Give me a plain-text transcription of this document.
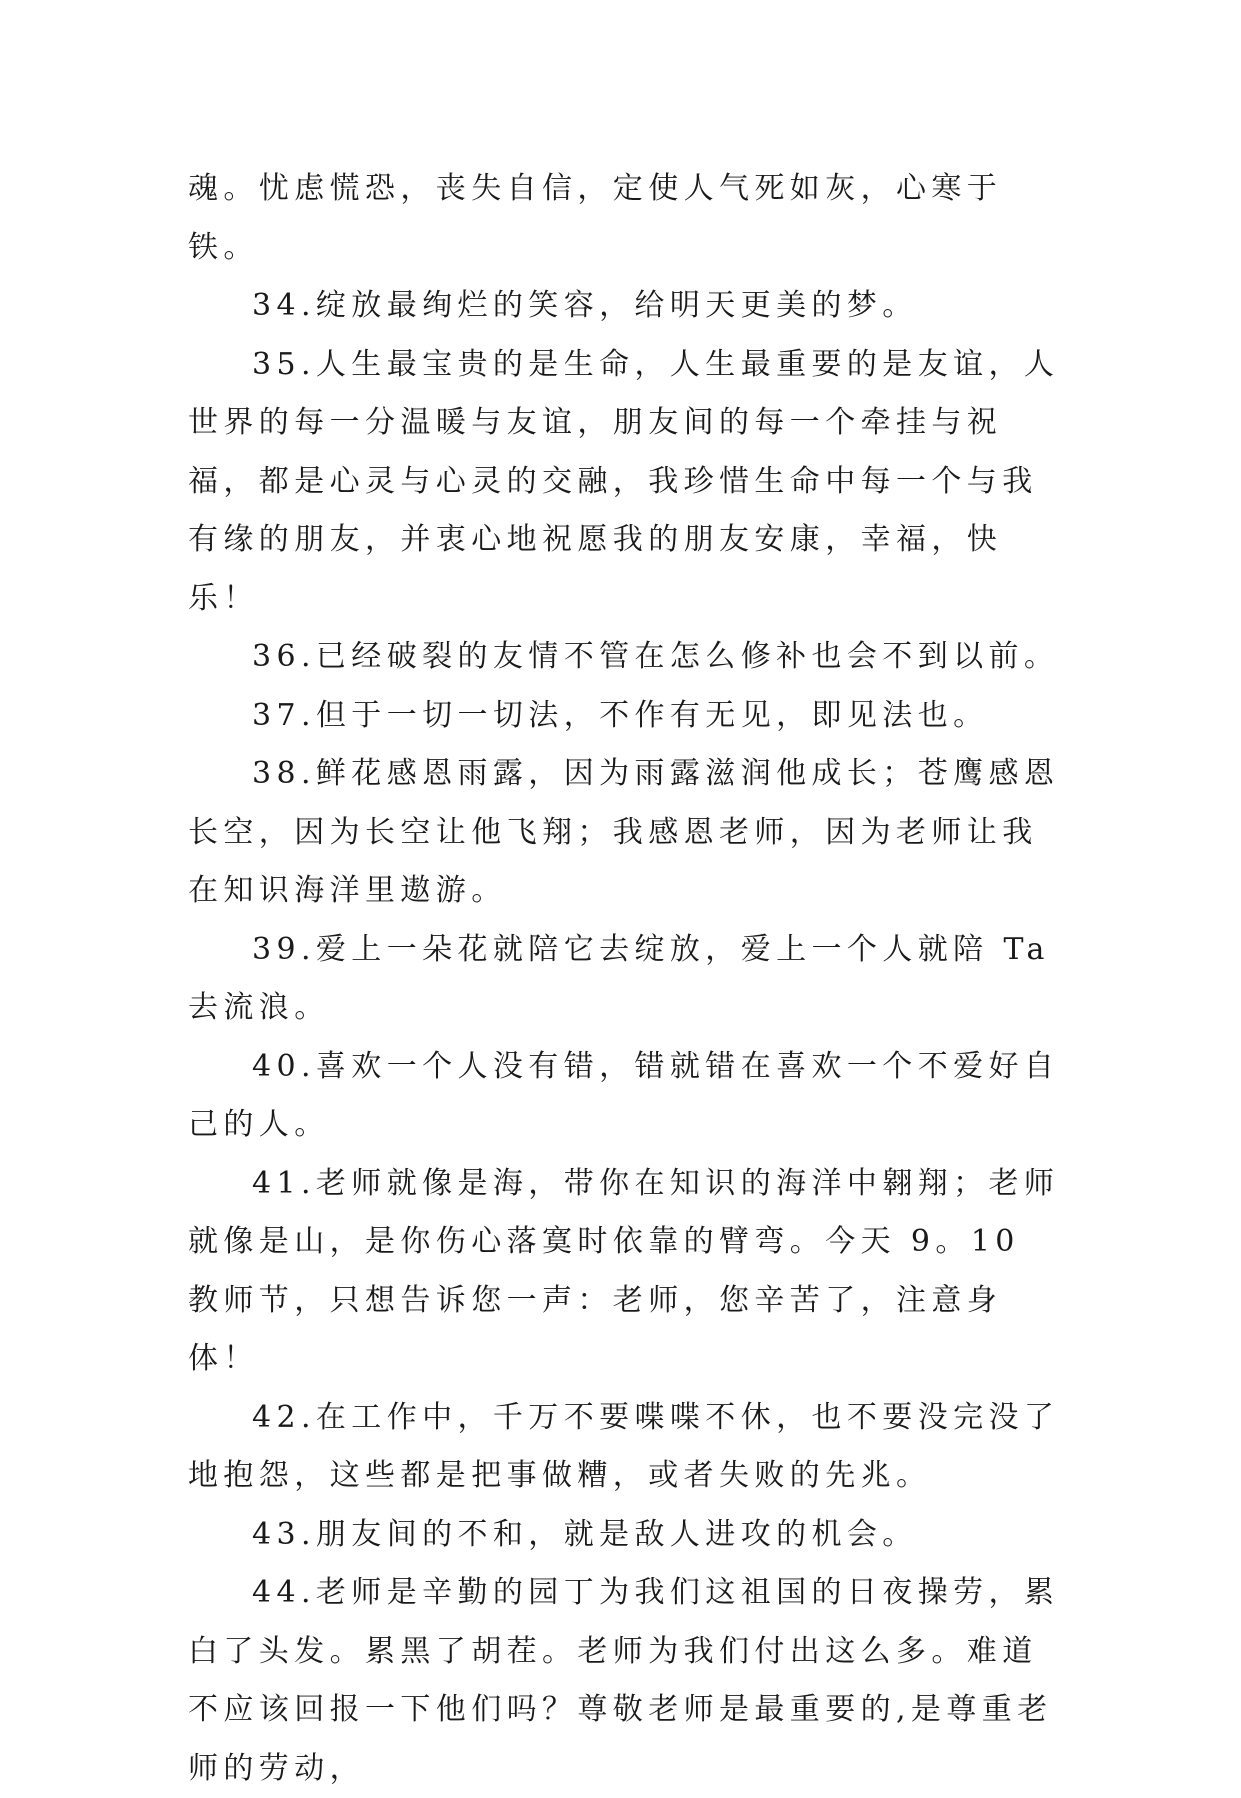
魂。忧虑慌恐，丧失自信，定使人气死如灰，心寒于铁。

34.绽放最绚烂的笑容，给明天更美的梦。

35.人生最宝贵的是生命，人生最重要的是友谊，人世界的每一分温暖与友谊，朋友间的每一个牵挂与祝福，都是心灵与心灵的交融，我珍惜生命中每一个与我有缘的朋友，并衷心地祝愿我的朋友安康，幸福，快乐！

36.已经破裂的友情不管在怎么修补也会不到以前。

37.但于一切一切法，不作有无见，即见法也。

38.鲜花感恩雨露，因为雨露滋润他成长；苍鹰感恩长空，因为长空让他飞翔；我感恩老师，因为老师让我在知识海洋里遨游。

39.爱上一朵花就陪它去绽放，爱上一个人就陪 Ta 去流浪。

40.喜欢一个人没有错，错就错在喜欢一个不爱好自己的人。

41.老师就像是海，带你在知识的海洋中翱翔；老师就像是山，是你伤心落寞时依靠的臂弯。今天 9。10 教师节，只想告诉您一声：老师，您辛苦了，注意身体！

42.在工作中，千万不要喋喋不休，也不要没完没了地抱怨，这些都是把事做糟，或者失败的先兆。

43.朋友间的不和，就是敌人进攻的机会。

44.老师是辛勤的园丁为我们这祖国的日夜操劳，累白了头发。累黑了胡茬。老师为我们付出这么多。难道不应该回报一下他们吗？尊敬老师是最重要的,是尊重老师的劳动，
